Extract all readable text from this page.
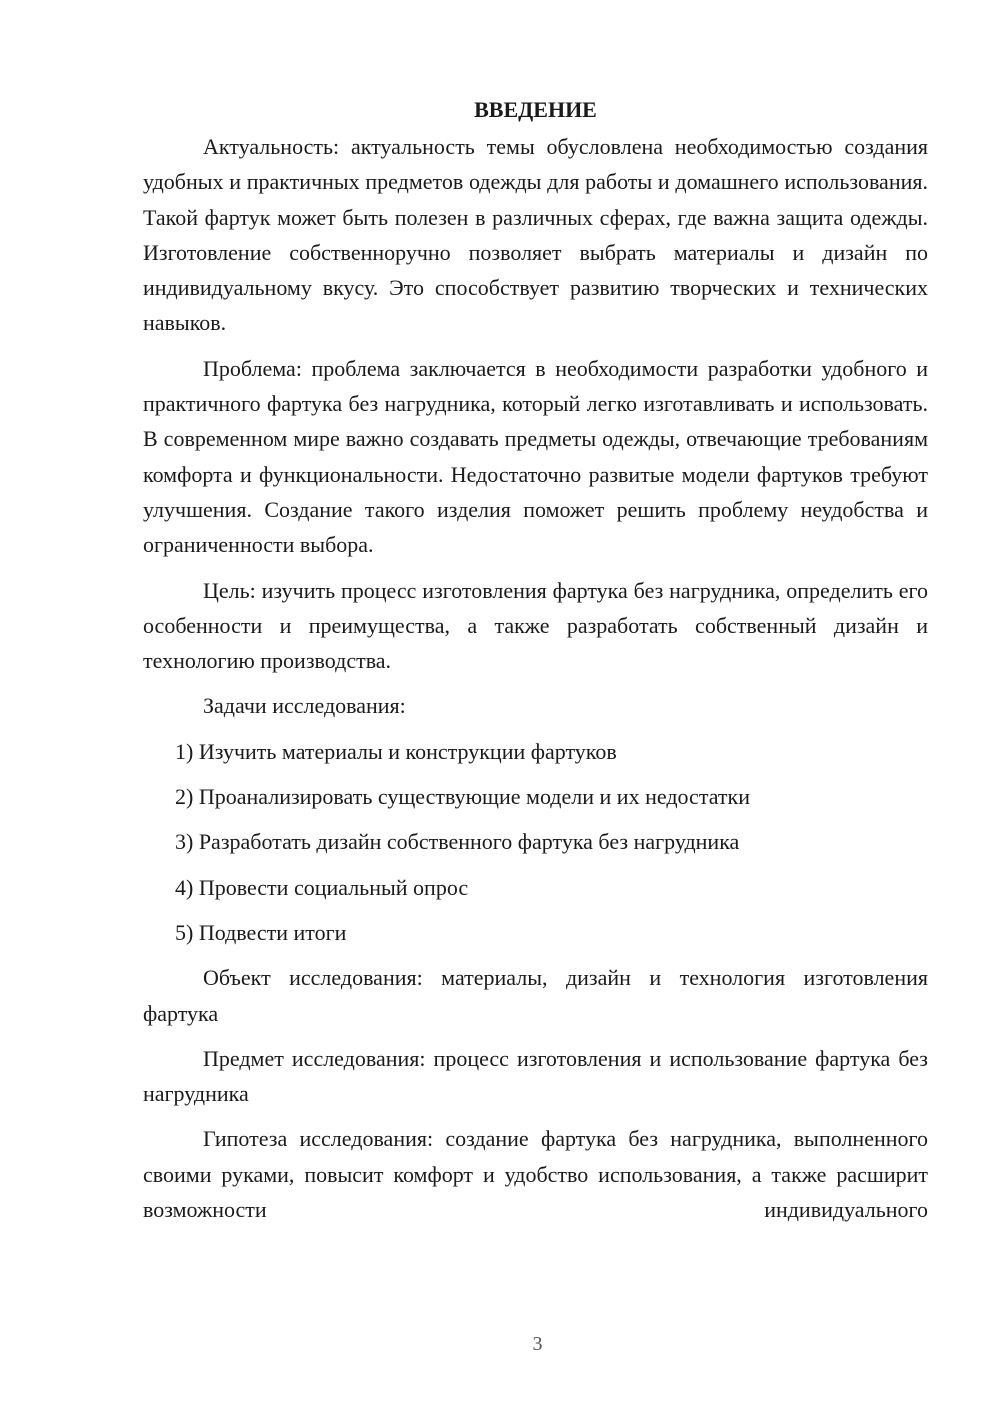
ВВЕДЕНИЕ

Актуальность: актуальность темы обусловлена необходимостью создания удобных и практичных предметов одежды для работы и домашнего использования. Такой фартук может быть полезен в различных сферах, где важна защита одежды. Изготовление собственноручно позволяет выбрать материалы и дизайн по индивидуальному вкусу. Это способствует развитию творческих и технических навыков.

Проблема: проблема заключается в необходимости разработки удобного и практичного фартука без нагрудника, который легко изготавливать и использовать. В современном мире важно создавать предметы одежды, отвечающие требованиям комфорта и функциональности. Недостаточно развитые модели фартуков требуют улучшения. Создание такого изделия поможет решить проблему неудобства и ограниченности выбора.

Цель: изучить процесс изготовления фартука без нагрудника, определить его особенности и преимущества, а также разработать собственный дизайн и технологию производства.

Задачи исследования:

1) Изучить материалы и конструкции фартуков

2) Проанализировать существующие модели и их недостатки

3) Разработать дизайн собственного фартука без нагрудника

4) Провести социальный опрос

5) Подвести итоги

Объект исследования: материалы, дизайн и технология изготовления фартука

Предмет исследования: процесс изготовления и использование фартука без нагрудника

Гипотеза исследования: создание фартука без нагрудника, выполненного своими руками, повысит комфорт и удобство использования, а также расширит возможности индивидуального

3
